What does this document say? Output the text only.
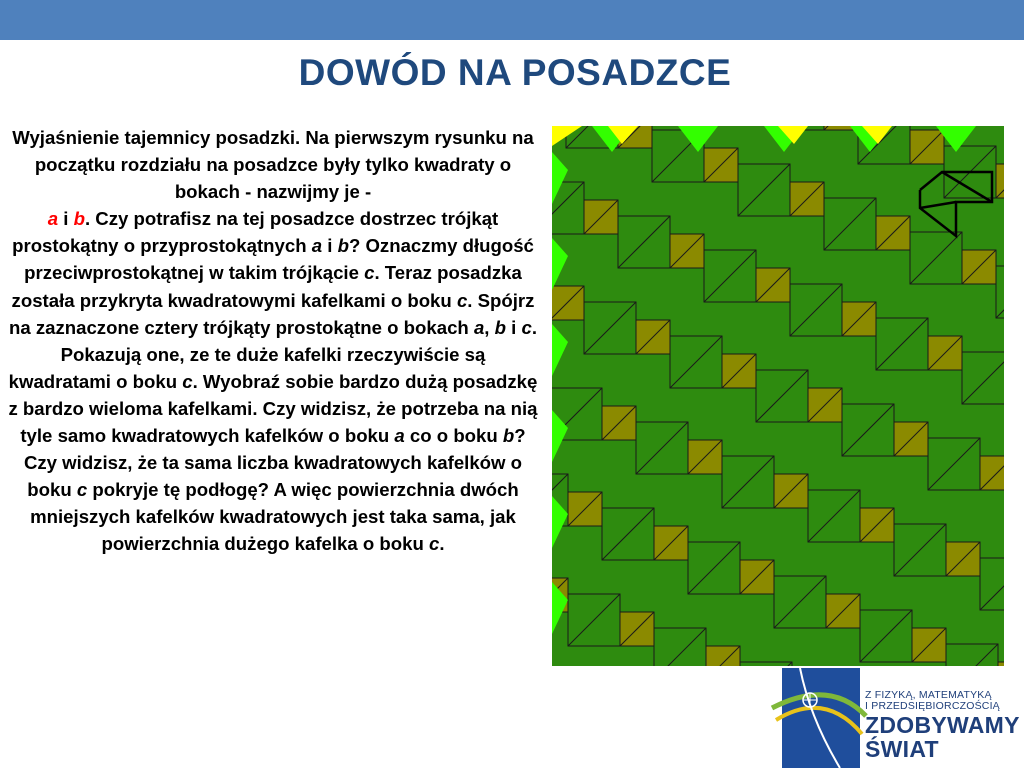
DOWÓD NA POSADZCE
Wyjaśnienie tajemnicy posadzki. Na pierwszym rysunku na początku rozdziału na posadzce były tylko kwadraty o bokach - nazwijmy je -
a i b. Czy potrafisz na tej posadzce dostrzec trójkąt prostokątny o przyprostokątnych a i b? Oznaczmy długość przeciwprostokątnej w takim trójkącie c. Teraz posadzka została przykryta kwadratowymi kafelkami o boku c. Spójrz na zaznaczone cztery trójkąty prostokątne o bokach a, b i c. Pokazują one, ze te duże kafelki rzeczywiście są kwadratami o boku c. Wyobraź sobie bardzo dużą posadzkę z bardzo wieloma kafelkami. Czy widzisz, że potrzeba na nią tyle samo kwadratowych kafelków o boku a co o boku b? Czy widzisz, że ta sama liczba kwadratowych kafelków o boku c pokryje tę podłogę? A więc powierzchnia dwóch mniejszych kafelków kwadratowych jest taka sama, jak powierzchnia dużego kafelka o boku c.
Z FIZYKĄ, MATEMATYKĄ
I PRZEDSIĘBIORCZOŚCIĄ
ZDOBYWAMY
ŚWIAT
